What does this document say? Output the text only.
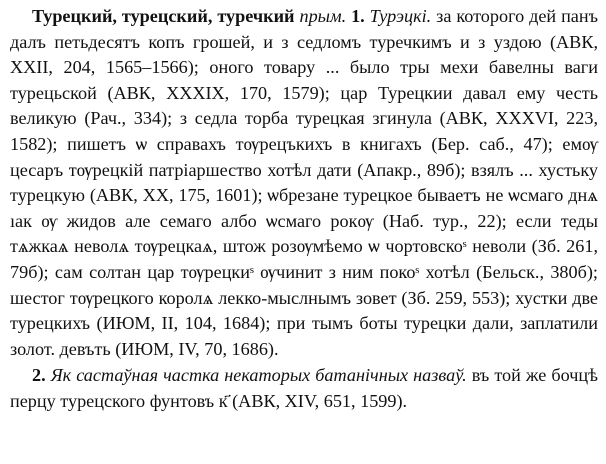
Турецкий, турецский, туречкий прым. 1. Турэцкі. за которого дей панъ далъ петьдесятъ копъ грошей, и з седломъ туречкимъ и з уздою (АВК, XXII, 204, 1565–1566); оного товару ... было тры мехи бавелны ваги турецьской (АВК, XXXIX, 170, 1579); цар Турецкии давал ему честь великую (Рач., 334); з седла торба турецкая згинула (АВК, XXXVI, 223, 1582); пишетъ ѡ справахъ тѹрецъкихъ в книгахъ (Бер. саб., 47); емѹ цесаръ тѹрецкій патріаршество хотѣл дати (Апакр., 89б); взялъ ... хустьку турецкую (АВК, XX, 175, 1601); ѡбрезане турецкое бываетъ не ѡсмаго днѧ ıак ѹ жидов але семаго албо ѡсмаго рокѹ (Наб. тур., 22); если теды тѧжкаѧ неволѧ тѹрецкаѧ, штож розѹмѣемо ѡ чортовскоˢ неволи (Зб. 261, 79б); сам солтан цар тѹрецкиˢ ѹчинит з ним покоˢ хотѣл (Бельск., 380б); шестог тѹрецкого королѧ лекко-мыслнымъ зовет (Зб. 259, 553); хустки две турецкихъ (ИЮМ, II, 104, 1684); при тымъ боты турецки дали, заплатили золот. девъть (ИЮМ, IV, 70, 1686).

2. Як састаўная частка некаторых батанічных назваў. въ той же бочцѣ перцу турецского фунтовъ к҃ (АВК, XIV, 651, 1599).
